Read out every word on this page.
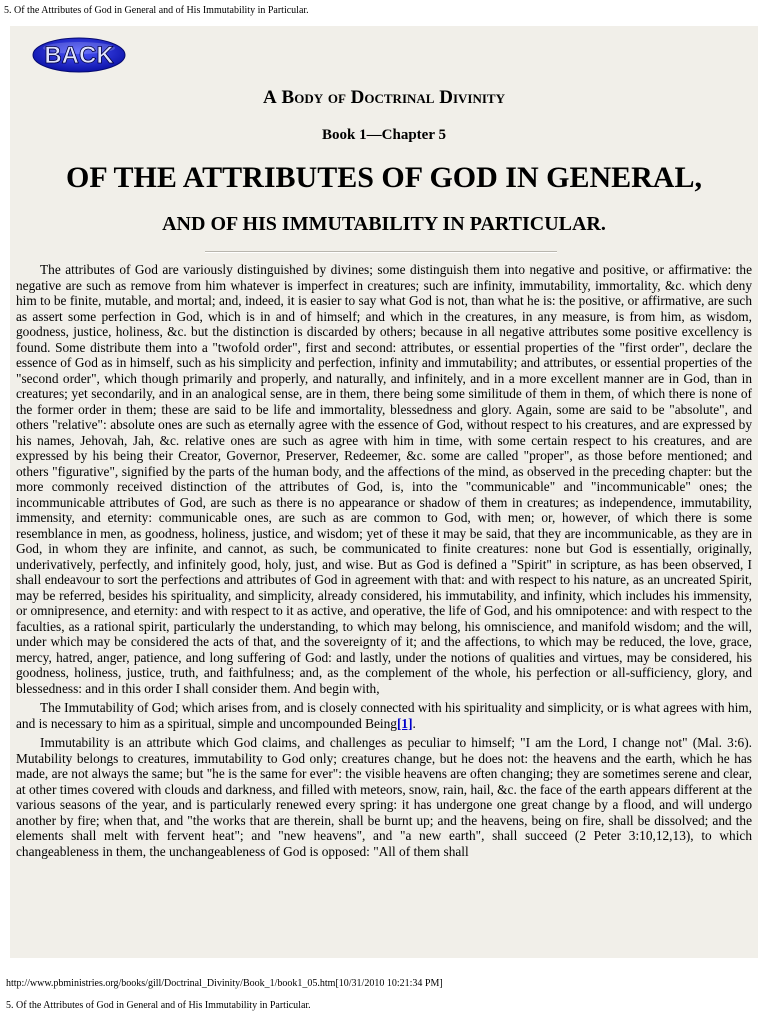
5. Of the Attributes of God in General and of His Immutability in Particular.
BACK
A Body of Doctrinal Divinity
Book 1—Chapter 5
OF THE ATTRIBUTES OF GOD IN GENERAL,
AND OF HIS IMMUTABILITY IN PARTICULAR.

The attributes of God are variously distinguished by divines; some distinguish them into negative and positive, or affirmative: the negative are such as remove from him whatever is imperfect in creatures; such are infinity, immutability, immortality, &c. which deny him to be finite, mutable, and mortal; and, indeed, it is easier to say what God is not, than what he is: the positive, or affirmative, are such as assert some perfection in God, which is in and of himself; and which in the creatures, in any measure, is from him, as wisdom, goodness, justice, holiness, &c. but the distinction is discarded by others; because in all negative attributes some positive excellency is found. Some distribute them into a "twofold order", first and second: attributes, or essential properties of the "first order", declare the essence of God as in himself, such as his simplicity and perfection, infinity and immutability; and attributes, or essential properties of the "second order", which though primarily and properly, and naturally, and infinitely, and in a more excellent manner are in God, than in creatures; yet secondarily, and in an analogical sense, are in them, there being some similitude of them in them, of which there is none of the former order in them; these are said to be life and immortality, blessedness and glory. Again, some are said to be "absolute", and others "relative": absolute ones are such as eternally agree with the essence of God, without respect to his creatures, and are expressed by his names, Jehovah, Jah, &c. relative ones are such as agree with him in time, with some certain respect to his creatures, and are expressed by his being their Creator, Governor, Preserver, Redeemer, &c. some are called "proper", as those before mentioned; and others "figurative", signified by the parts of the human body, and the affections of the mind, as observed in the preceding chapter: but the more commonly received distinction of the attributes of God, is, into the "communicable" and "incommunicable" ones; the incommunicable attributes of God, are such as there is no appearance or shadow of them in creatures; as independence, immutability, immensity, and eternity: communicable ones, are such as are common to God, with men; or, however, of which there is some resemblance in men, as goodness, holiness, justice, and wisdom; yet of these it may be said, that they are incommunicable, as they are in God, in whom they are infinite, and cannot, as such, be communicated to finite creatures: none but God is essentially, originally, underivatively, perfectly, and infinitely good, holy, just, and wise. But as God is defined a "Spirit" in scripture, as has been observed, I shall endeavour to sort the perfections and attributes of God in agreement with that: and with respect to his nature, as an uncreated Spirit, may be referred, besides his spirituality, and simplicity, already considered, his immutability, and infinity, which includes his immensity, or omnipresence, and eternity: and with respect to it as active, and operative, the life of God, and his omnipotence: and with respect to the faculties, as a rational spirit, particularly the understanding, to which may belong, his omniscience, and manifold wisdom; and the will, under which may be considered the acts of that, and the sovereignty of it; and the affections, to which may be reduced, the love, grace, mercy, hatred, anger, patience, and long suffering of God: and lastly, under the notions of qualities and virtues, may be considered, his goodness, holiness, justice, truth, and faithfulness; and, as the complement of the whole, his perfection or all-sufficiency, glory, and blessedness: and in this order I shall consider them. And begin with,

The Immutability of God; which arises from, and is closely connected with his spirituality and simplicity, or is what agrees with him, and is necessary to him as a spiritual, simple and uncompounded Being[1].

Immutability is an attribute which God claims, and challenges as peculiar to himself; "I am the Lord, I change not" (Mal. 3:6). Mutability belongs to creatures, immutability to God only; creatures change, but he does not: the heavens and the earth, which he has made, are not always the same; but "he is the same for ever": the visible heavens are often changing; they are sometimes serene and clear, at other times covered with clouds and darkness, and filled with meteors, snow, rain, hail, &c. the face of the earth appears different at the various seasons of the year, and is particularly renewed every spring: it has undergone one great change by a flood, and will undergo another by fire; when that, and "the works that are therein, shall be burnt up; and the heavens, being on fire, shall be dissolved; and the elements shall melt with fervent heat"; and "new heavens", and "a new earth", shall succeed (2 Peter 3:10,12,13), to which changeableness in them, the unchangeableness of God is opposed: "All of them shall

http://www.pbministries.org/books/gill/Doctrinal_Divinity/Book_1/book1_05.htm[10/31/2010 10:21:34 PM]
5. Of the Attributes of God in General and of His Immutability in Particular.
